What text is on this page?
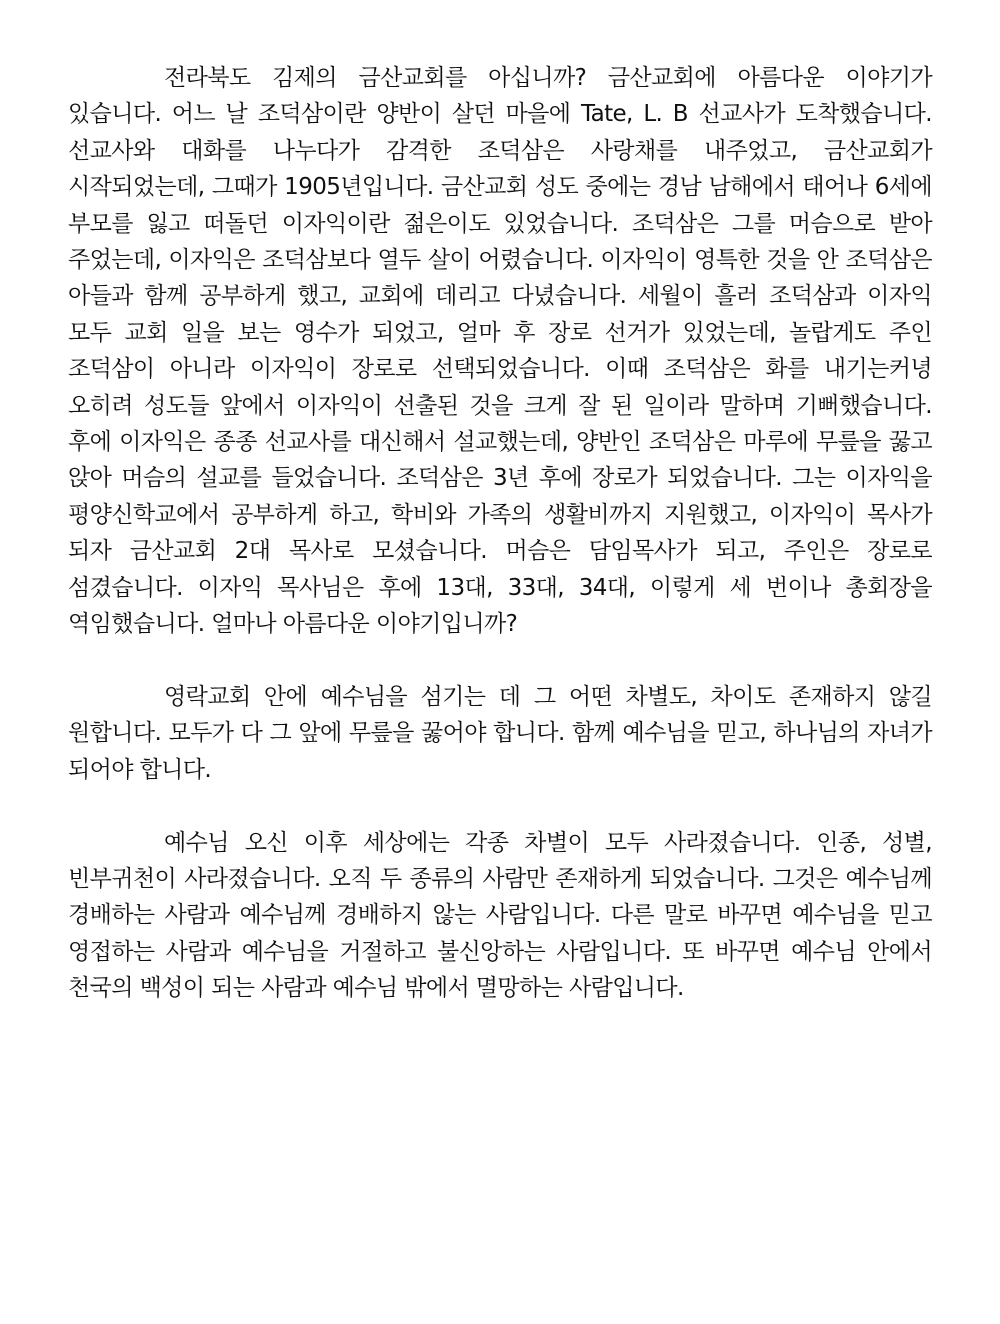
전라북도 김제의 금산교회를 아십니까? 금산교회에 아름다운 이야기가 있습니다. 어느 날 조덕삼이란 양반이 살던 마을에 Tate, L. B 선교사가 도착했습니다. 선교사와 대화를 나누다가 감격한 조덕삼은 사랑채를 내주었고, 금산교회가 시작되었는데, 그때가 1905년입니다. 금산교회 성도 중에는 경남 남해에서 태어나 6세에 부모를 잃고 떠돌던 이자익이란 젊은이도 있었습니다. 조덕삼은 그를 머슴으로 받아 주었는데, 이자익은 조덕삼보다 열두 살이 어렸습니다. 이자익이 영특한 것을 안 조덕삼은 아들과 함께 공부하게 했고, 교회에 데리고 다녔습니다. 세월이 흘러 조덕삼과 이자익 모두 교회 일을 보는 영수가 되었고, 얼마 후 장로 선거가 있었는데, 놀랍게도 주인 조덕삼이 아니라 이자익이 장로로 선택되었습니다. 이때 조덕삼은 화를 내기는커녕 오히려 성도들 앞에서 이자익이 선출된 것을 크게 잘 된 일이라 말하며 기뻐했습니다. 후에 이자익은 종종 선교사를 대신해서 설교했는데, 양반인 조덕삼은 마루에 무릎을 꿇고 앉아 머슴의 설교를 들었습니다. 조덕삼은 3년 후에 장로가 되었습니다. 그는 이자익을 평양신학교에서 공부하게 하고, 학비와 가족의 생활비까지 지원했고, 이자익이 목사가 되자 금산교회 2대 목사로 모셨습니다. 머슴은 담임목사가 되고, 주인은 장로로 섬겼습니다. 이자익 목사님은 후에 13대, 33대, 34대, 이렇게 세 번이나 총회장을 역임했습니다. 얼마나 아름다운 이야기입니까?

영락교회 안에 예수님을 섬기는 데 그 어떤 차별도, 차이도 존재하지 않길 원합니다. 모두가 다 그 앞에 무릎을 꿇어야 합니다. 함께 예수님을 믿고, 하나님의 자녀가 되어야 합니다.

예수님 오신 이후 세상에는 각종 차별이 모두 사라졌습니다. 인종, 성별, 빈부귀천이 사라졌습니다. 오직 두 종류의 사람만 존재하게 되었습니다. 그것은 예수님께 경배하는 사람과 예수님께 경배하지 않는 사람입니다. 다른 말로 바꾸면 예수님을 믿고 영접하는 사람과 예수님을 거절하고 불신앙하는 사람입니다. 또 바꾸면 예수님 안에서 천국의 백성이 되는 사람과 예수님 밖에서 멸망하는 사람입니다.
